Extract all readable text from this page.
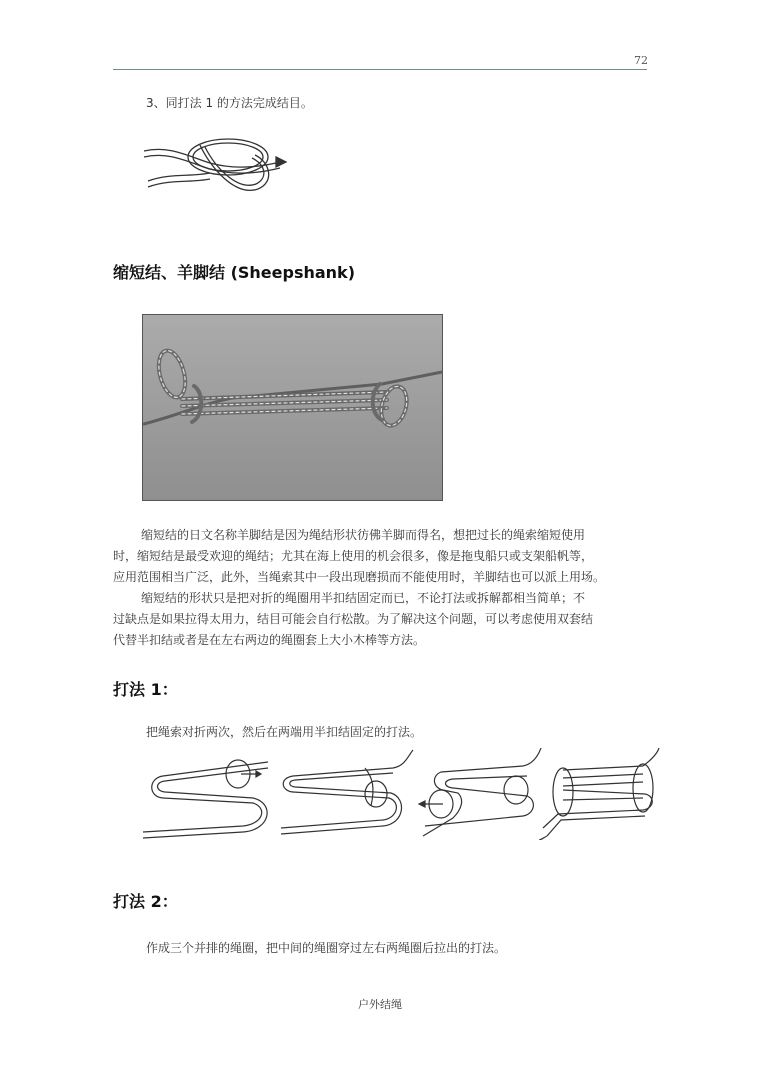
72
3、同打法 1 的方法完成结目。
缩短结、羊脚结 (Sheepshank)
缩短结的日文名称羊脚结是因为绳结形状彷佛羊脚而得名，想把过长的绳索缩短使用
时，缩短结是最受欢迎的绳结；尤其在海上使用的机会很多，像是拖曳船只或支架船帆等，
应用范围相当广泛，此外，当绳索其中一段出现磨损而不能使用时，羊脚结也可以派上用场。
缩短结的形状只是把对折的绳圈用半扣结固定而已，不论打法或拆解都相当简单；不
过缺点是如果拉得太用力，结目可能会自行松散。为了解决这个问题，可以考虑使用双套结
代替半扣结或者是在左右两边的绳圈套上大小木棒等方法。
打法 1：
把绳索对折两次，然后在两端用半扣结固定的打法。
打法 2：
作成三个并排的绳圈，把中间的绳圈穿过左右两绳圈后拉出的打法。
户外结绳
